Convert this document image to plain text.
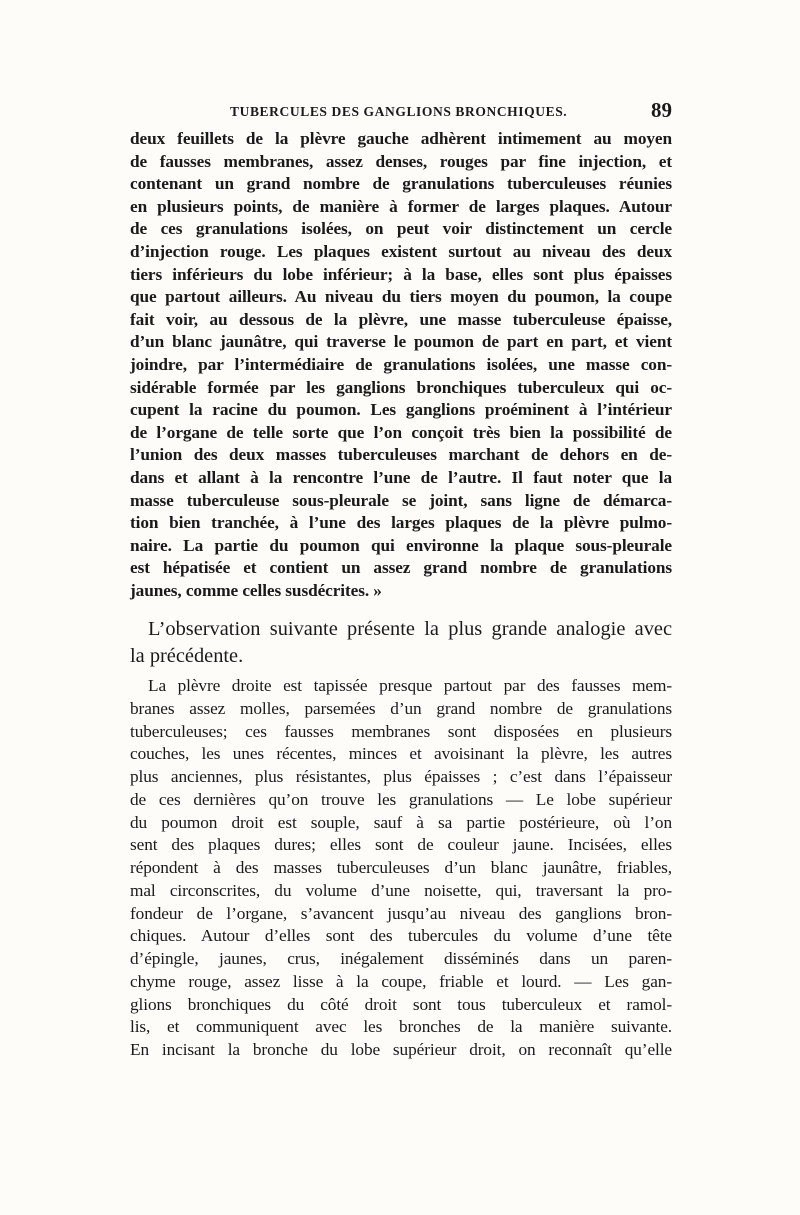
TUBERCULES DES GANGLIONS BRONCHIQUES.	89
deux feuillets de la plèvre gauche adhèrent intimement au moyen
de fausses membranes, assez denses, rouges par fine injection, et
contenant un grand nombre de granulations tuberculeuses réunies
en plusieurs points, de manière à former de larges plaques. Autour
de ces granulations isolées, on peut voir distinctement un cercle
d’injection rouge. Les plaques existent surtout au niveau des deux
tiers inférieurs du lobe inférieur; à la base, elles sont plus épaisses
que partout ailleurs. Au niveau du tiers moyen du poumon, la coupe
fait voir, au dessous de la plèvre, une masse tuberculeuse épaisse,
d’un blanc jaunâtre, qui traverse le poumon de part en part, et vient
joindre, par l’intermédiaire de granulations isolées, une masse con-
sidérable formée par les ganglions bronchiques tuberculeux qui oc-
cupent la racine du poumon. Les ganglions proéminent à l’intérieur
de l’organe de telle sorte que l’on conçoit très bien la possibilité de
l’union des deux masses tuberculeuses marchant de dehors en de-
dans et allant à la rencontre l’une de l’autre. Il faut noter que la
masse tuberculeuse sous-pleurale se joint, sans ligne de démarca-
tion bien tranchée, à l’une des larges plaques de la plèvre pulmo-
naire. La partie du poumon qui environne la plaque sous-pleurale
est hépatisée et contient un assez grand nombre de granulations
jaunes, comme celles susdécrites. »
L’observation suivante présente la plus grande analogie avec
la précédente.
La plèvre droite est tapissée presque partout par des fausses mem-
branes assez molles, parsemées d’un grand nombre de granulations
tuberculeuses; ces fausses membranes sont disposées en plusieurs
couches, les unes récentes, minces et avoisinant la plèvre, les autres
plus anciennes, plus résistantes, plus épaisses ; c’est dans l’épaisseur
de ces dernières qu’on trouve les granulations — Le lobe supérieur
du poumon droit est souple, sauf à sa partie postérieure, où l’on
sent des plaques dures; elles sont de couleur jaune. Incisées, elles
répondent à des masses tuberculeuses d’un blanc jaunâtre, friables,
mal circonscrites, du volume d’une noisette, qui, traversant la pro-
fondeur de l’organe, s’avancent jusqu’au niveau des ganglions bron-
chiques. Autour d’elles sont des tubercules du volume d’une tête
d’épingle, jaunes, crus, inégalement disséminés dans un paren-
chyme rouge, assez lisse à la coupe, friable et lourd. — Les gan-
glions bronchiques du côté droit sont tous tuberculeux et ramol-
lis, et communiquent avec les bronches de la manière suivante.
En incisant la bronche du lobe supérieur droit, on reconnaît qu’elle
